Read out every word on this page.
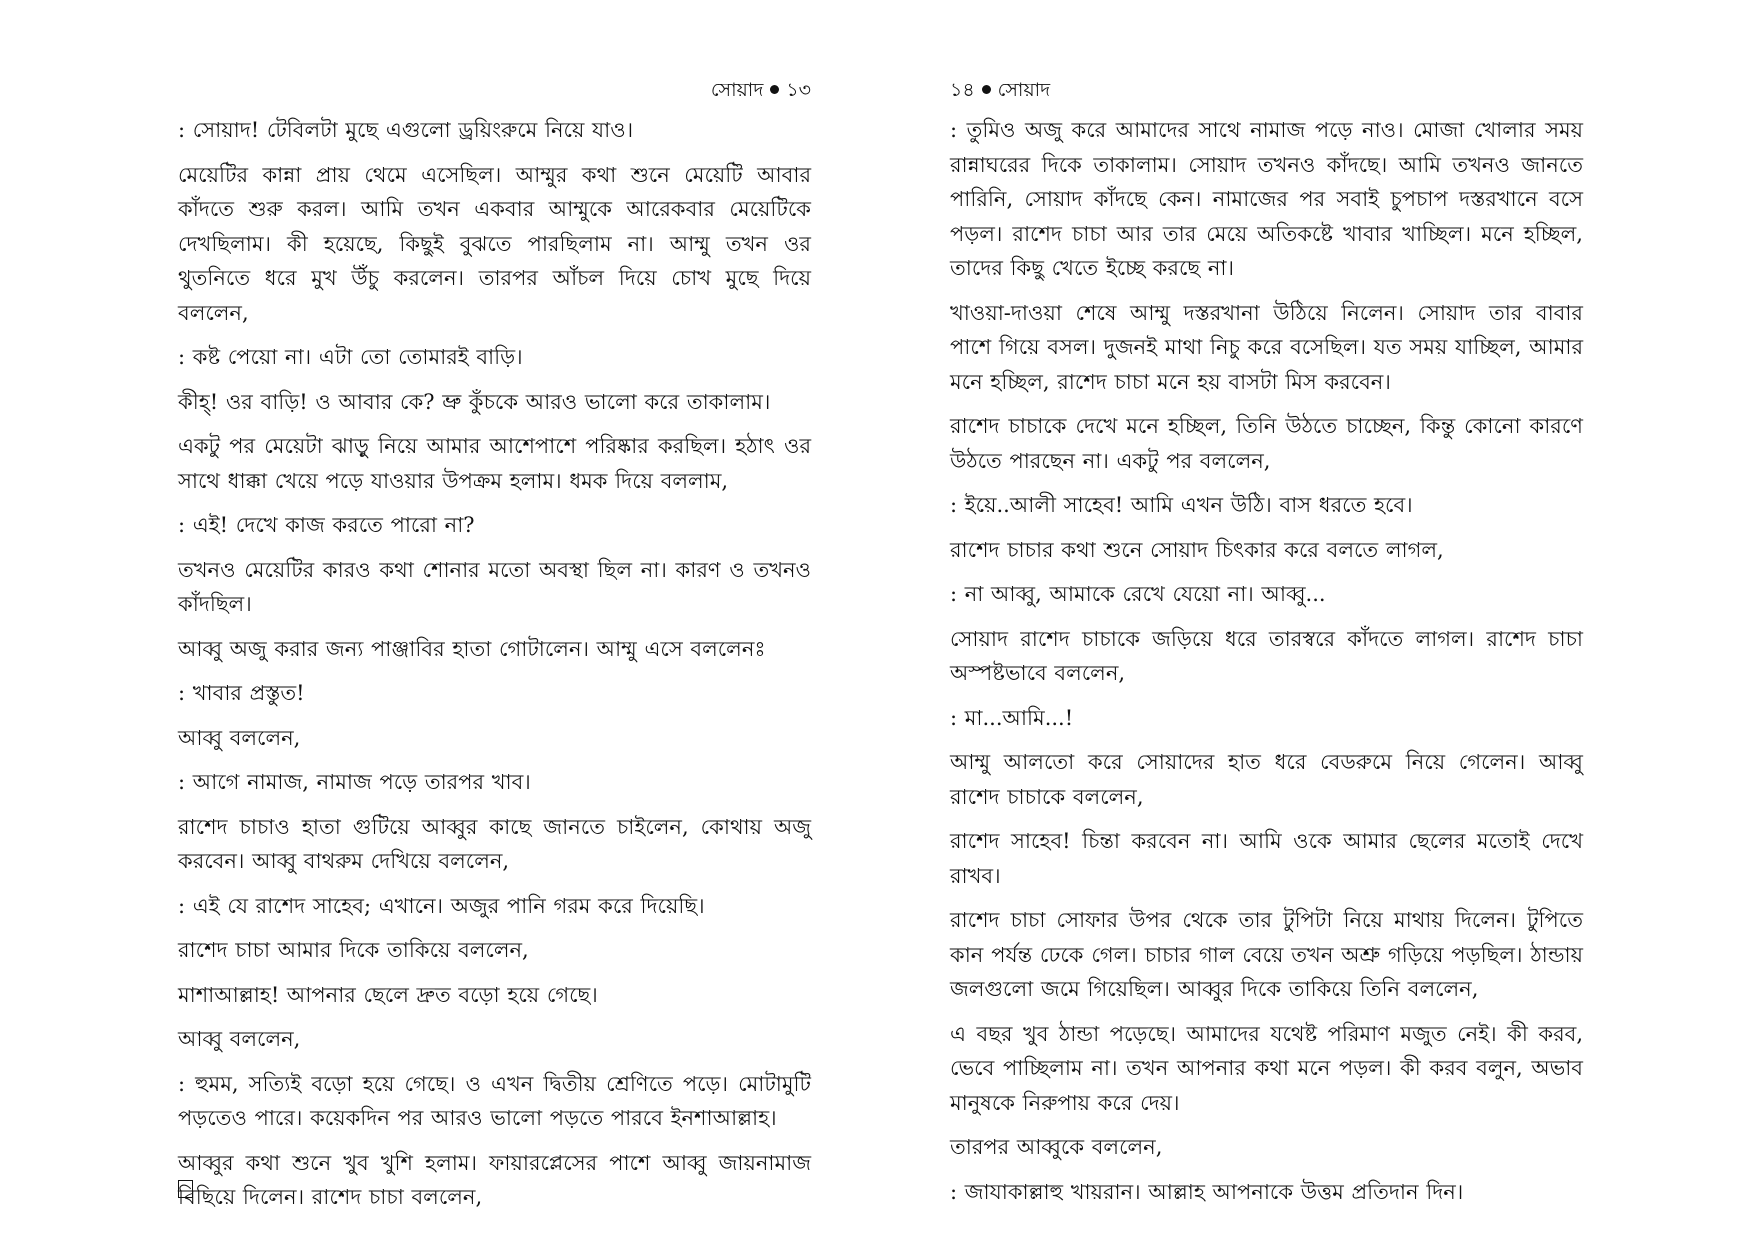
সোয়াদ ১৩

: সোয়াদ! টেবিলটা মুছে এগুলো ড্রয়িংরুমে নিয়ে যাও।

মেয়েটির কান্না প্রায় থেমে এসেছিল। আম্মুর কথা শুনে মেয়েটি আবার কাঁদতে শুরু করল। আমি তখন একবার আম্মুকে আরেকবার মেয়েটিকে দেখছিলাম। কী হয়েছে, কিছুই বুঝতে পারছিলাম না। আম্মু তখন ওর থুতনিতে ধরে মুখ উঁচু করলেন। তারপর আঁচল দিয়ে চোখ মুছে দিয়ে বললেন,

: কষ্ট পেয়ো না। এটা তো তোমারই বাড়ি।

কীহ্! ওর বাড়ি! ও আবার কে? ভ্রু কুঁচকে আরও ভালো করে তাকালাম।

একটু পর মেয়েটা ঝাড়ু নিয়ে আমার আশেপাশে পরিষ্কার করছিল। হঠাৎ ওর সাথে ধাক্কা খেয়ে পড়ে যাওয়ার উপক্রম হলাম। ধমক দিয়ে বললাম,

: এই! দেখে কাজ করতে পারো না?

তখনও মেয়েটির কারও কথা শোনার মতো অবস্থা ছিল না। কারণ ও তখনও কাঁদছিল।

আব্বু অজু করার জন্য পাঞ্জাবির হাতা গোটালেন। আম্মু এসে বললেনঃ

: খাবার প্রস্তুত!

আব্বু বললেন,

: আগে নামাজ, নামাজ পড়ে তারপর খাব।

রাশেদ চাচাও হাতা গুটিয়ে আব্বুর কাছে জানতে চাইলেন, কোথায় অজু করবেন। আব্বু বাথরুম দেখিয়ে বললেন,

: এই যে রাশেদ সাহেব; এখানে। অজুর পানি গরম করে দিয়েছি।

রাশেদ চাচা আমার দিকে তাকিয়ে বললেন,

মাশাআল্লাহ! আপনার ছেলে দ্রুত বড়ো হয়ে গেছে।

আব্বু বললেন,

: হুমম, সত্যিই বড়ো হয়ে গেছে। ও এখন দ্বিতীয় শ্রেণিতে পড়ে। মোটামুটি পড়তেও পারে। কয়েকদিন পর আরও ভালো পড়তে পারবে ইনশাআল্লাহ।

আব্বুর কথা শুনে খুব খুশি হলাম। ফায়ারপ্লেসের পাশে আব্বু জায়নামাজ বিছিয়ে দিলেন। রাশেদ চাচা বললেন,

১৪ সোয়াদ

: তুমিও অজু করে আমাদের সাথে নামাজ পড়ে নাও। মোজা খোলার সময় রান্নাঘরের দিকে তাকালাম। সোয়াদ তখনও কাঁদছে। আমি তখনও জানতে পারিনি, সোয়াদ কাঁদছে কেন। নামাজের পর সবাই চুপচাপ দস্তরখানে বসে পড়ল। রাশেদ চাচা আর তার মেয়ে অতিকষ্টে খাবার খাচ্ছিল। মনে হচ্ছিল, তাদের কিছু খেতে ইচ্ছে করছে না।

খাওয়া-দাওয়া শেষে আম্মু দস্তরখানা উঠিয়ে নিলেন। সোয়াদ তার বাবার পাশে গিয়ে বসল। দুজনই মাথা নিচু করে বসেছিল। যত সময় যাচ্ছিল, আমার মনে হচ্ছিল, রাশেদ চাচা মনে হয় বাসটা মিস করবেন।

রাশেদ চাচাকে দেখে মনে হচ্ছিল, তিনি উঠতে চাচ্ছেন, কিন্তু কোনো কারণে উঠতে পারছেন না। একটু পর বললেন,

: ইয়ে..আলী সাহেব! আমি এখন উঠি। বাস ধরতে হবে।

রাশেদ চাচার কথা শুনে সোয়াদ চিৎকার করে বলতে লাগল,

: না আব্বু, আমাকে রেখে যেয়ো না। আব্বু...

সোয়াদ রাশেদ চাচাকে জড়িয়ে ধরে তারস্বরে কাঁদতে লাগল। রাশেদ চাচা অস্পষ্টভাবে বললেন,

: মা...আমি...!

আম্মু আলতো করে সোয়াদের হাত ধরে বেডরুমে নিয়ে গেলেন। আব্বু রাশেদ চাচাকে বললেন,

রাশেদ সাহেব! চিন্তা করবেন না। আমি ওকে আমার ছেলের মতোই দেখে রাখব।

রাশেদ চাচা সোফার উপর থেকে তার টুপিটা নিয়ে মাথায় দিলেন। টুপিতে কান পর্যন্ত ঢেকে গেল। চাচার গাল বেয়ে তখন অশ্রু গড়িয়ে পড়ছিল। ঠান্ডায় জলগুলো জমে গিয়েছিল। আব্বুর দিকে তাকিয়ে তিনি বললেন,

এ বছর খুব ঠান্ডা পড়েছে। আমাদের যথেষ্ট পরিমাণ মজুত নেই। কী করব, ভেবে পাচ্ছিলাম না। তখন আপনার কথা মনে পড়ল। কী করব বলুন, অভাব মানুষকে নিরুপায় করে দেয়।

তারপর আব্বুকে বললেন,

: জাযাকাল্লাহু খায়রান। আল্লাহ আপনাকে উত্তম প্রতিদান দিন।
